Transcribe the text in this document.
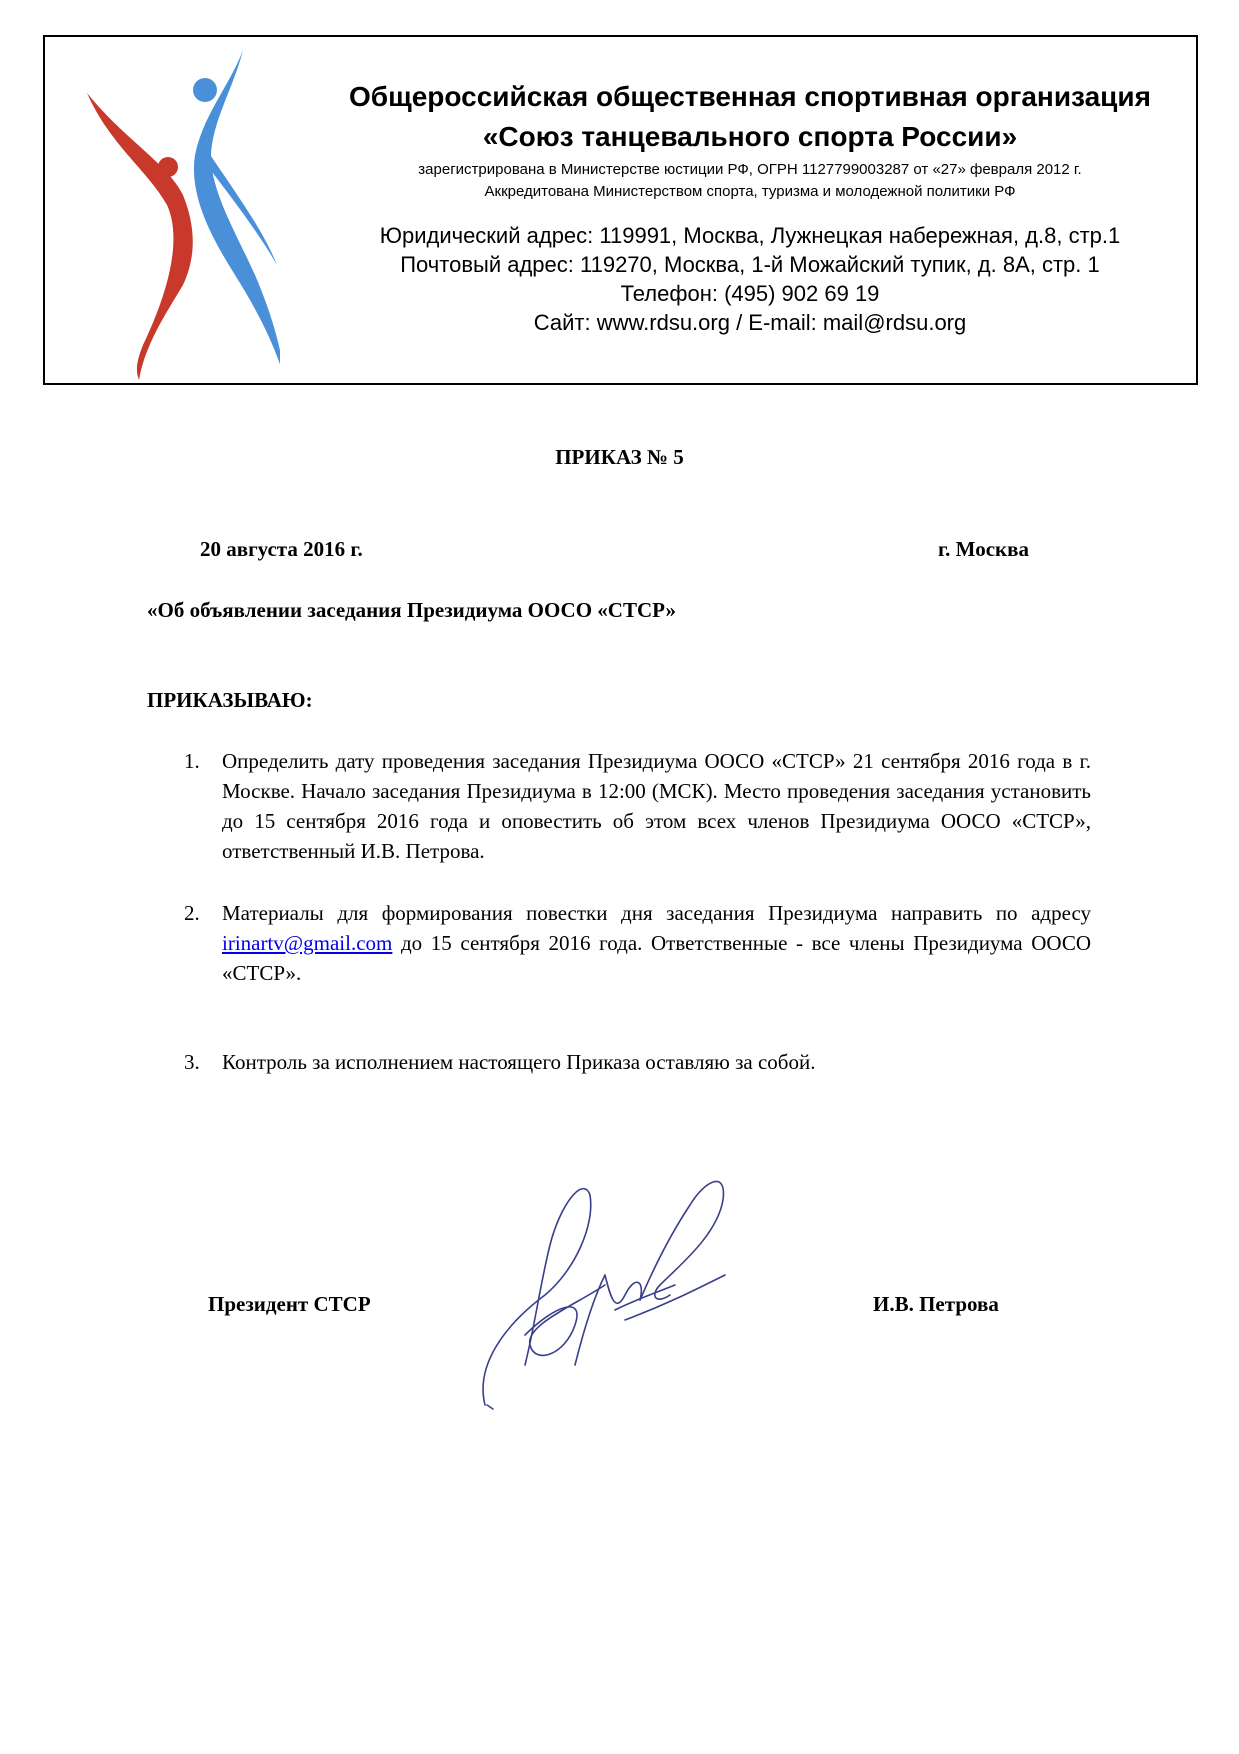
Общероссийская общественная спортивная организация
«Союз танцевального спорта России»
зарегистрирована в Министерстве юстиции РФ, ОГРН 1127799003287 от «27» февраля 2012 г.
Аккредитована Министерством спорта, туризма и молодежной политики РФ
Юридический адрес: 119991, Москва, Лужнецкая набережная, д.8, стр.1
Почтовый адрес: 119270, Москва, 1-й Можайский тупик, д. 8А, стр. 1
Телефон: (495) 902 69 19
Сайт: www.rdsu.org / E-mail: mail@rdsu.org
ПРИКАЗ № 5
20 августа 2016 г.	г. Москва
«Об объявлении заседания Президиума ООСО «СТСР»
ПРИКАЗЫВАЮ:
1. Определить дату проведения заседания Президиума ООСО «СТСР» 21 сентября 2016 года в г. Москве. Начало заседания Президиума в 12:00 (МСК). Место проведения заседания установить до 15 сентября 2016 года и оповестить об этом всех членов Президиума ООСО «СТСР», ответственный И.В. Петрова.
2. Материалы для формирования повестки дня заседания Президиума направить по адресу irinartv@gmail.com до 15 сентября 2016 года. Ответственные - все члены Президиума ООСО «СТСР».
3. Контроль за исполнением настоящего Приказа оставляю за собой.
Президент СТСР	И.В. Петрова
